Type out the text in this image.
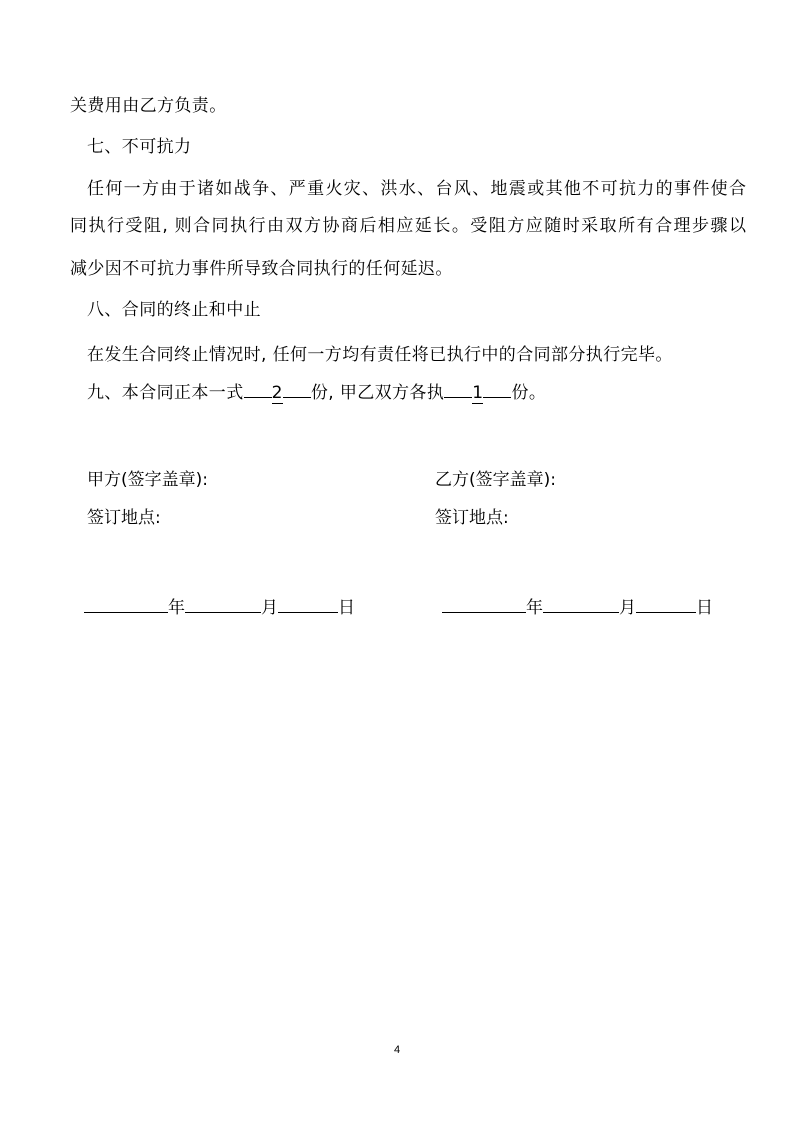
关费用由乙方负责。
七、不可抗力
任何一方由于诸如战争、严重火灾、洪水、台风、地震或其他不可抗力的事件使合
同执行受阻, 则合同执行由双方协商后相应延长。受阻方应随时采取所有合理步骤以
减少因不可抗力事件所导致合同执行的任何延迟。
八、合同的终止和中止
在发生合同终止情况时, 任何一方均有责任将已执行中的合同部分执行完毕。
九、本合同正本一式 2 份, 甲乙双方各执 1 份。
甲方(签字盖章):	乙方(签字盖章):
签订地点:	签订地点:
年	月	日	年	月	日
4
